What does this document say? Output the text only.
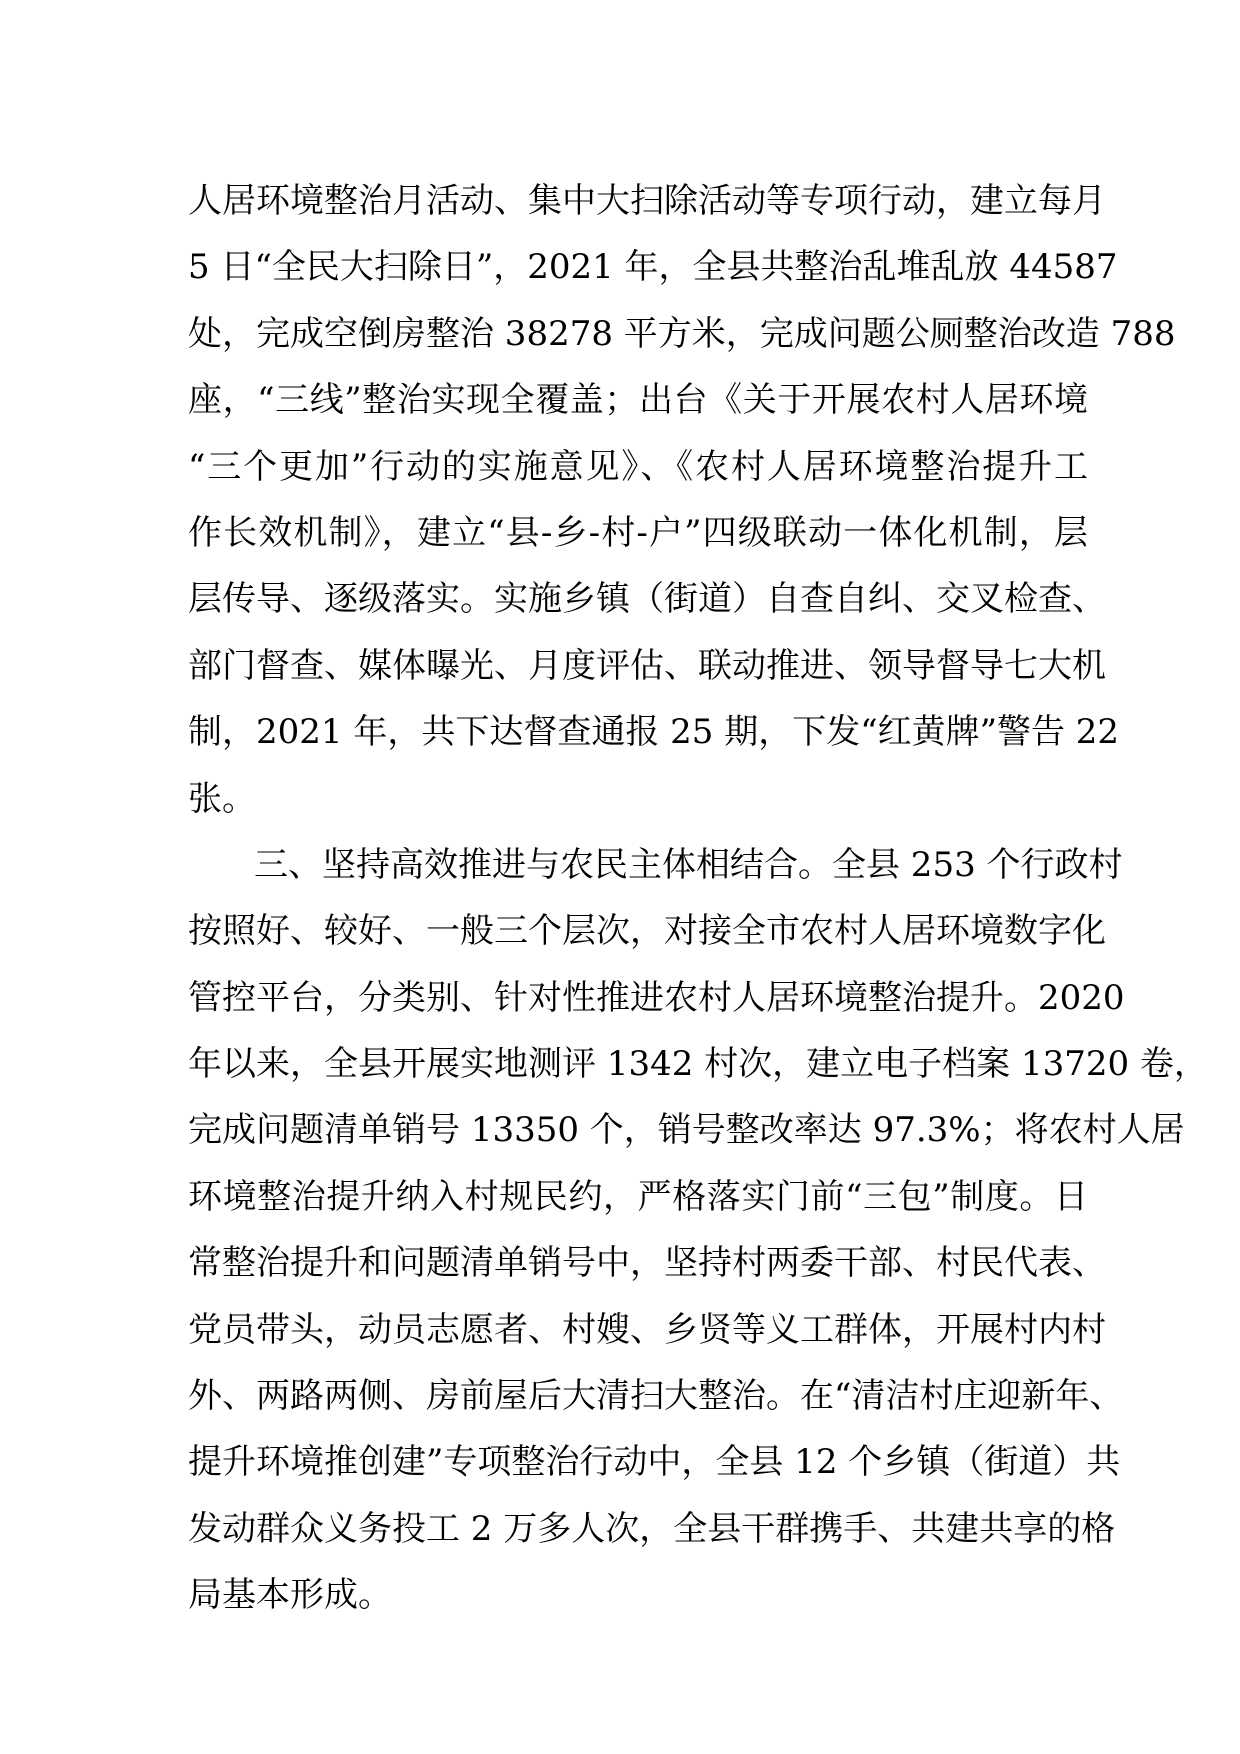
人居环境整治月活动、集中大扫除活动等专项行动，建立每月
5 日“全民大扫除日”，2021 年，全县共整治乱堆乱放 44587
处，完成空倒房整治 38278 平方米，完成问题公厕整治改造 788
座，“三线”整治实现全覆盖；出台《关于开展农村人居环境
“三个更加”行动的实施意见》、《农村人居环境整治提升工
作长效机制》，建立“县-乡-村-户”四级联动一体化机制，层
层传导、逐级落实。实施乡镇（街道）自查自纠、交叉检查、
部门督查、媒体曝光、月度评估、联动推进、领导督导七大机
制，2021 年，共下达督查通报 25 期，下发“红黄牌”警告 22
张。
三、坚持高效推进与农民主体相结合。全县 253 个行政村
按照好、较好、一般三个层次，对接全市农村人居环境数字化
管控平台，分类别、针对性推进农村人居环境整治提升。2020
年以来，全县开展实地测评 1342 村次，建立电子档案 13720 卷，
完成问题清单销号 13350 个，销号整改率达 97.3%；将农村人居
环境整治提升纳入村规民约，严格落实门前“三包”制度。日
常整治提升和问题清单销号中，坚持村两委干部、村民代表、
党员带头，动员志愿者、村嫂、乡贤等义工群体，开展村内村
外、两路两侧、房前屋后大清扫大整治。在“清洁村庄迎新年、
提升环境推创建”专项整治行动中，全县 12 个乡镇（街道）共
发动群众义务投工 2 万多人次，全县干群携手、共建共享的格
局基本形成。
